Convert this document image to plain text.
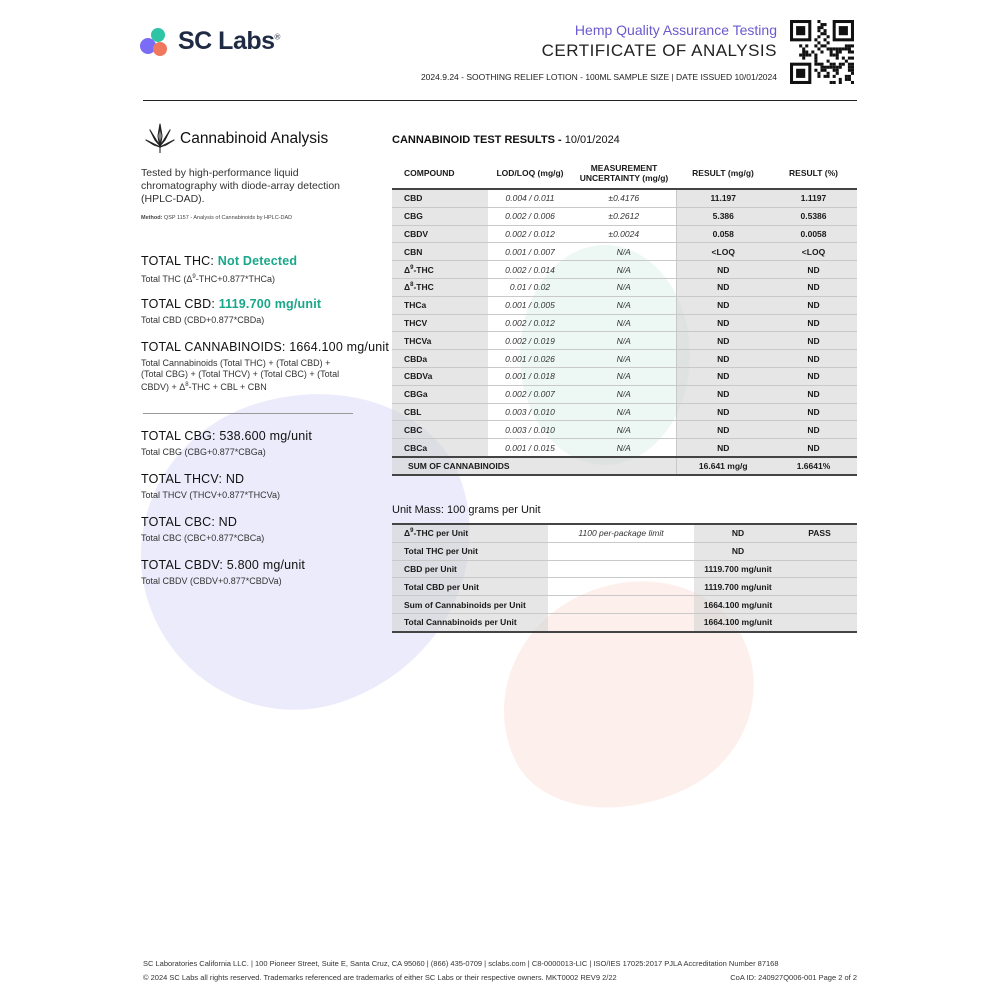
SC Labs®	Hemp Quality Assurance Testing
CERTIFICATE OF ANALYSIS
2024.9.24 - SOOTHING RELIEF LOTION - 100ML SAMPLE SIZE | DATE ISSUED 10/01/2024
Cannabinoid Analysis
Tested by high-performance liquid chromatography with diode-array detection (HPLC-DAD).
Method: QSP 1157 - Analysis of Cannabinoids by HPLC-DAD
TOTAL THC: Not Detected
Total THC $(\Delta^9-THC+0.877*THCa)$
TOTAL CBD: 1119.700 mg/unit
Total CBD (CBD+0.877*CBDa)
TOTAL CANNABINOIDS: 1664.100 mg/unit
Total Cannabinoids (Total THC) + (Total CBD) + (Total CBG) + (Total THCV) + (Total CBC) + (Total CBDV) + $\Delta^8$-THC + CBL + CBN
TOTAL CBG: 538.600 mg/unit
Total CBG (CBG+0.877*CBGa)
TOTAL THCV: ND
Total THCV (THCV+0.877*THCVa)
TOTAL CBC: ND
Total CBC (CBC+0.877*CBCa)
TOTAL CBDV: 5.800 mg/unit
Total CBDV (CBDV+0.877*CBDVa)
CANNABINOID TEST RESULTS - 10/01/2024
COMPOUND	LOD/LOQ (mg/g)	MEASUREMENT UNCERTAINTY (mg/g)	RESULT (mg/g)	RESULT (%)
CBD	0.004 / 0.011	±0.4176	11.197	1.1197
CBG	0.002 / 0.006	±0.2612	5.386	0.5386
CBDV	0.002 / 0.012	±0.0024	0.058	0.0058
CBN	0.001 / 0.007	N/A	<LOQ	<LOQ
$\Delta^9$-THC	0.002 / 0.014	N/A	ND	ND
$\Delta^8$-THC	0.01 / 0.02	N/A	ND	ND
THCa	0.001 / 0.005	N/A	ND	ND
THCV	0.002 / 0.012	N/A	ND	ND
THCVa	0.002 / 0.019	N/A	ND	ND
CBDa	0.001 / 0.026	N/A	ND	ND
CBDVa	0.001 / 0.018	N/A	ND	ND
CBGa	0.002 / 0.007	N/A	ND	ND
CBL	0.003 / 0.010	N/A	ND	ND
CBC	0.003 / 0.010	N/A	ND	ND
CBCa	0.001 / 0.015	N/A	ND	ND
SUM OF CANNABINOIDS			16.641 mg/g	1.6641%
Unit Mass: 100 grams per Unit
$\Delta^9$-THC per Unit	1100 per-package limit	ND	PASS
Total THC per Unit		ND	
CBD per Unit		1119.700 mg/unit	
Total CBD per Unit		1119.700 mg/unit	
Sum of Cannabinoids per Unit		1664.100 mg/unit	
Total Cannabinoids per Unit		1664.100 mg/unit	
SC Laboratories California LLC. | 100 Pioneer Street, Suite E, Santa Cruz, CA 95060 | (866) 435-0709 | sclabs.com | C8-0000013-LIC | ISO/IES 17025:2017 PJLA Accreditation Number 87168
© 2024 SC Labs all rights reserved. Trademarks referenced are trademarks of either SC Labs or their respective owners. MKT0002 REV9 2/22	CoA ID: 240927Q006-001 Page 2 of 2
